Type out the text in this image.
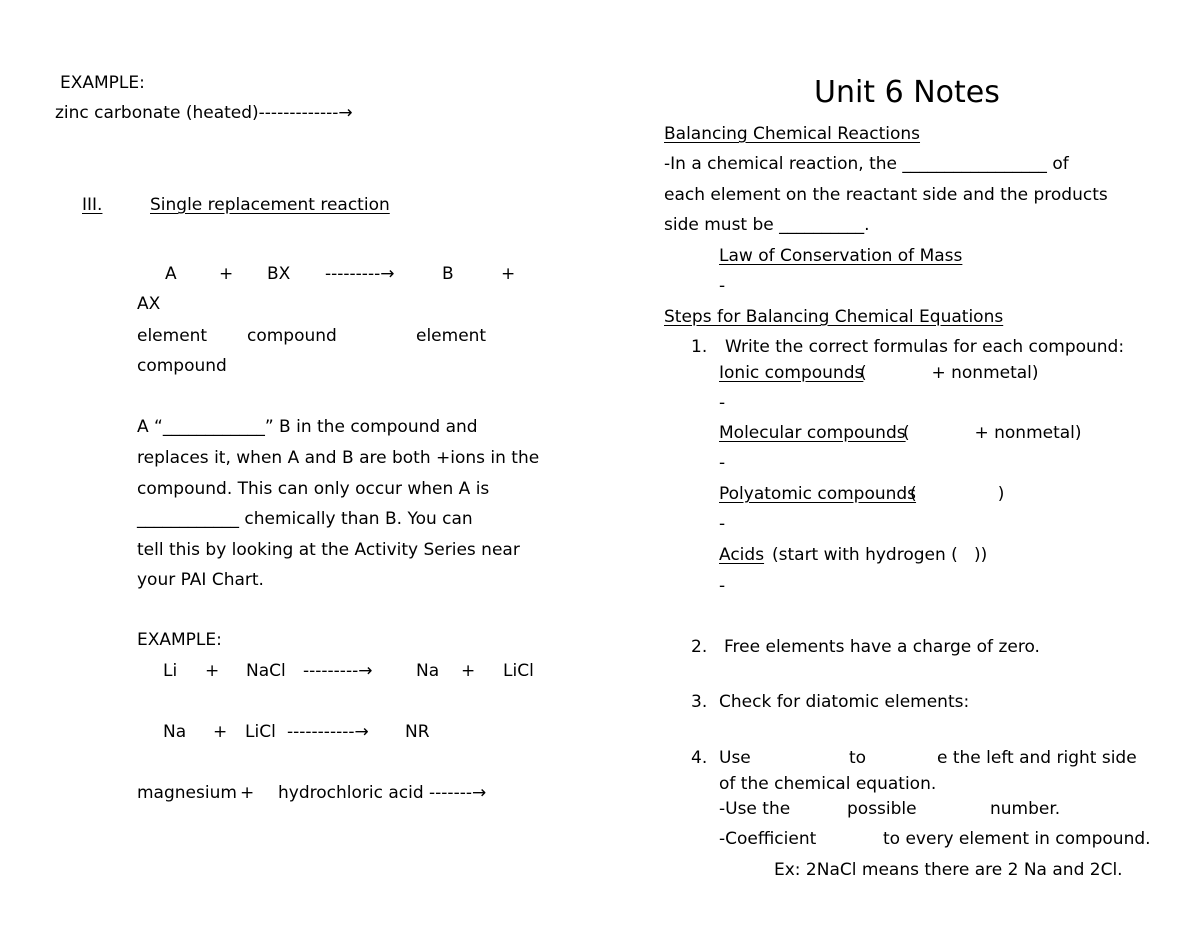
EXAMPLE:
zinc carbonate (heated)-------------→
III.	Single replacement reaction
A + BX ---------→	B	+
AX
element compound	element
compound
A “____________” B in the compound and
replaces it, when A and B are both +ions in the
compound. This can only occur when A is
____________ chemically than B. You can
tell this by looking at the Activity Series near
your PAI Chart.
EXAMPLE:
Li + NaCl ---------→	Na + LiCl
Na + LiCl -----------→ NR
magnesium + hydrochloric acid -------→
Unit 6 Notes
Balancing Chemical Reactions
-In a chemical reaction, the _________________ of
each element on the reactant side and the products
side must be __________.
Law of Conservation of Mass
-
Steps for Balancing Chemical Equations
1. Write the correct formulas for each compound:
Ionic compounds
(            + nonmetal)
-
Molecular compounds
(            + nonmetal)
-
Polyatomic compounds
(               )
-
Acids (start with hydrogen (   ))
-
2. Free elements have a charge of zero.
3. Check for diatomic elements:
4. Use	to	e the left and right side
of the chemical equation.
-Use the	possible	number.
-Coefficient	to every element in compound.
Ex: 2NaCl means there are 2 Na and 2Cl.
